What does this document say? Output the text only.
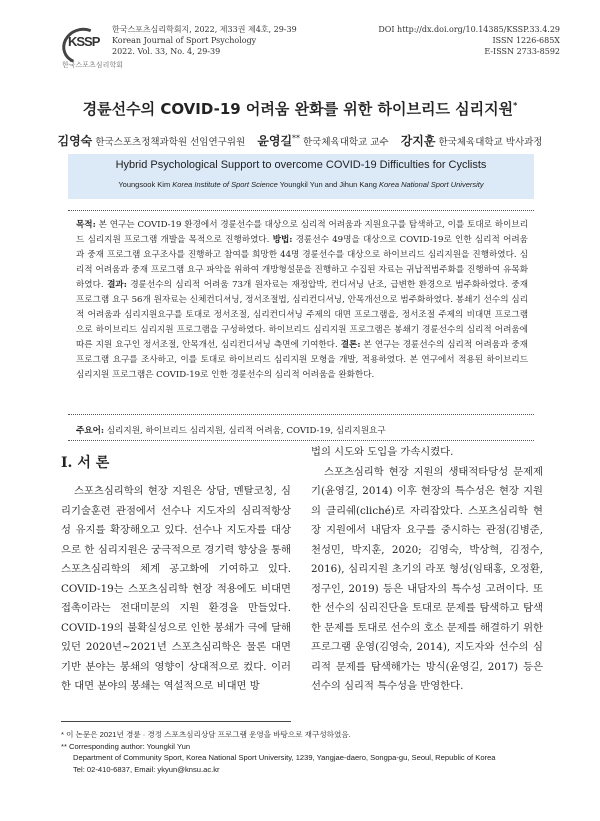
KSSP
한국스포츠심리학회
한국스포츠심리학회지, 2022, 제33권 제4호, 29-39
Korean Journal of Sport Psychology
2022. Vol. 33, No. 4, 29-39
DOI http://dx.doi.org/10.14385/KSSP.33.4.29
ISSN 1226-685X
E-ISSN 2733-8592
경륜선수의 COVID-19 어려움 완화를 위한 하이브리드 심리지원*
김영숙 한국스포츠정책과학원 선임연구위원 윤영길** 한국체육대학교 교수 강지훈 한국체육대학교 박사과정
Hybrid Psychological Support to overcome COVID-19 Difficulties for Cyclists
Youngsook Kim Korea Institute of Sport Science Youngkil Yun and Jihun Kang Korea National Sport University
목적: 본 연구는 COVID-19 환경에서 경륜선수를 대상으로 심리적 어려움과 지원요구를 탐색하고, 이를 토대로 하이브리드 심리지원 프로그램 개발을 목적으로 진행하였다. 방법: 경륜선수 49명을 대상으로 COVID-19로 인한 심리적 어려움과 중재 프로그램 요구조사를 진행하고 참여를 희망한 44명 경륜선수를 대상으로 하이브리드 심리지원을 진행하였다. 심리적 어려움과 중재 프로그램 요구 파악을 위하여 개방형설문을 진행하고 수집된 자료는 귀납적범주화를 진행하여 유목화하였다. 결과: 경륜선수의 심리적 어려움 73개 원자료는 재정압박, 컨디셔닝 난조, 급변한 환경으로 범주화하였다. 중재 프로그램 요구 56개 원자료는 신체컨디셔닝, 정서조절법, 심리컨디셔닝, 안목개선으로 범주화하였다. 봉쇄기 선수의 심리적 어려움과 심리지원요구를 토대로 정서조절, 심리컨디셔닝 주제의 대면 프로그램을, 정서조절 주제의 비대면 프로그램으로 하이브리드 심리지원 프로그램을 구성하였다. 하이브리드 심리지원 프로그램은 봉쇄기 경륜선수의 심리적 어려움에 따른 지원 요구인 정서조절, 안목개선, 심리컨디셔닝 측면에 기여한다. 결론: 본 연구는 경륜선수의 심리적 어려움과 중재 프로그램 요구를 조사하고, 이를 토대로 하이브리드 심리지원 모형을 개발, 적용하였다. 본 연구에서 적용된 하이브리드 심리지원 프로그램은 COVID-19로 인한 경륜선수의 심리적 어려움을 완화한다.
주요어: 심리지원, 하이브리드 심리지원, 심리적 어려움, COVID-19, 심리지원요구
I. 서 론
스포츠심리학의 현장 지원은 상담, 멘탈코칭, 심리기술훈련 관점에서 선수나 지도자의 심리적항상성 유지를 확장해오고 있다. 선수나 지도자를 대상으로 한 심리지원은 궁극적으로 경기력 향상을 통해 스포츠심리학의 체계 공고화에 기여하고 있다. COVID-19는 스포츠심리학 현장 적용에도 비대면 접촉이라는 전대미문의 지원 환경을 만들었다. COVID-19의 불확실성으로 인한 봉쇄가 극에 달해있던 2020년~2021년 스포츠심리학은 물론 대면 기반 분야는 봉쇄의 영향이 상대적으로 컸다. 이러한 대면 분야의 봉쇄는 역설적으로 비대면 방

법의 시도와 도입을 가속시켰다.

스포츠심리학 현장 지원의 생태적타당성 문제제기(윤영길, 2014) 이후 현장의 특수성은 현장 지원의 클리쉐(cliché)로 자리잡았다. 스포츠심리학 현장 지원에서 내담자 요구를 중시하는 관점(김병준, 천성민, 박지훈, 2020; 김영숙, 박상혁, 김정수, 2016), 심리지원 초기의 라포 형성(임태홍, 오정환, 정구인, 2019) 등은 내담자의 특수성 고려이다. 또한 선수의 심리진단을 토대로 문제를 탐색하고 탐색한 문제를 토대로 선수의 호소 문제를 해결하기 위한 프로그램 운영(김영숙, 2014), 지도자와 선수의 심리적 문제를 탐색해가는 방식(윤영길, 2017) 등은 선수의 심리적 특수성을 반영한다.

* 이 논문은 2021년 경륜 · 경정 스포츠심리상담 프로그램 운영을 바탕으로 재구성하였음.
** Corresponding author: Youngkil Yun
Department of Community Sport, Korea National Sport University, 1239, Yangjae-daero, Songpa-gu, Seoul, Republic of Korea
Tel: 02-410-6837, Email: ykyun@knsu.ac.kr
